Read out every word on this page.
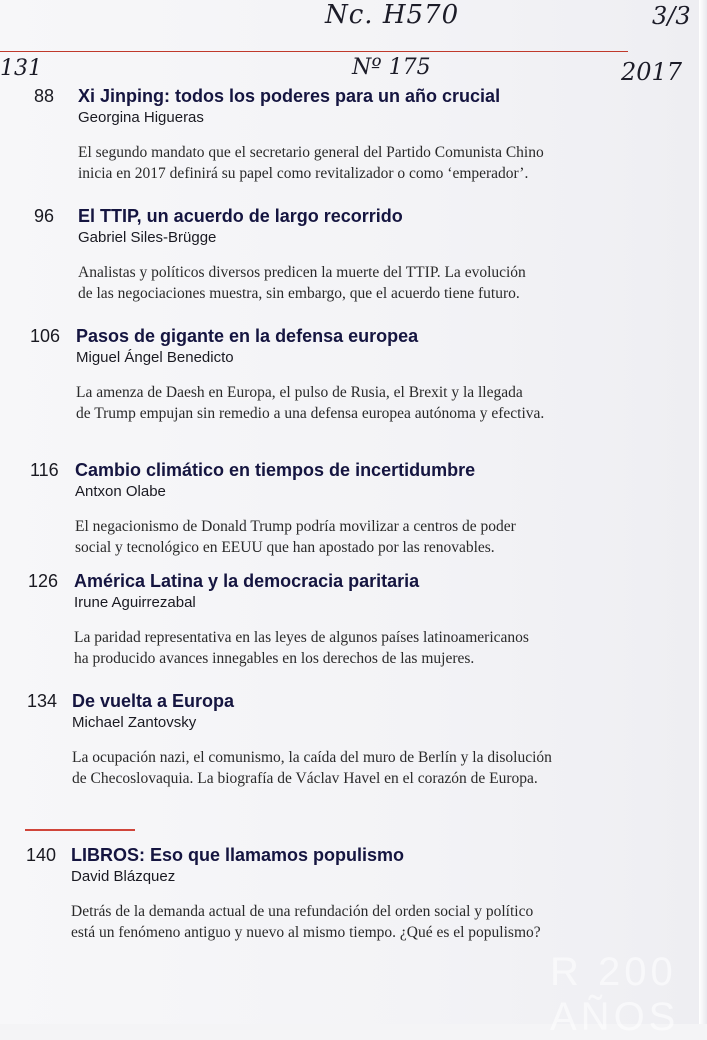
Nc. H570	3/3
131	Nº 175	2017
88 Xi Jinping: todos los poderes para un año crucial
Georgina Higueras
El segundo mandato que el secretario general del Partido Comunista Chino
inicia en 2017 definirá su papel como revitalizador o como ‘emperador’.
96 El TTIP, un acuerdo de largo recorrido
Gabriel Siles-Brügge
Analistas y políticos diversos predicen la muerte del TTIP. La evolución
de las negociaciones muestra, sin embargo, que el acuerdo tiene futuro.
106 Pasos de gigante en la defensa europea
Miguel Ángel Benedicto
La amenza de Daesh en Europa, el pulso de Rusia, el Brexit y la llegada
de Trump empujan sin remedio a una defensa europea autónoma y efectiva.
116 Cambio climático en tiempos de incertidumbre
Antxon Olabe
El negacionismo de Donald Trump podría movilizar a centros de poder
social y tecnológico en EEUU que han apostado por las renovables.
126 América Latina y la democracia paritaria
Irune Aguirrezabal
La paridad representativa en las leyes de algunos países latinoamericanos
ha producido avances innegables en los derechos de las mujeres.
134 De vuelta a Europa
Michael Zantovsky
La ocupación nazi, el comunismo, la caída del muro de Berlín y la disolución
de Checoslovaquia. La biografía de Václav Havel en el corazón de Europa.
140 LIBROS: Eso que llamamos populismo
David Blázquez
Detrás de la demanda actual de una refundación del orden social y político
está un fenómeno antiguo y nuevo al mismo tiempo. ¿Qué es el populismo?
R 200 AÑOS
